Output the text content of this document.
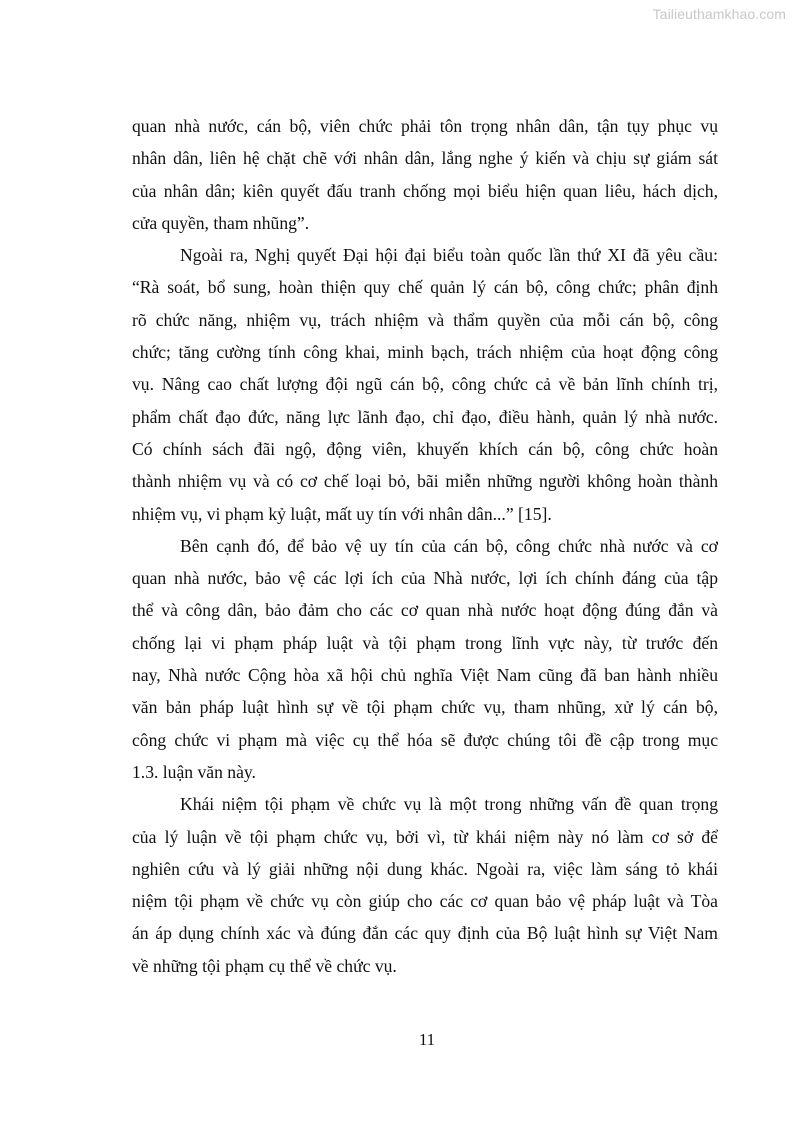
Tailieuthamkhao.com
quan nhà nước, cán bộ, viên chức phải tôn trọng nhân dân, tận tụy phục vụ
nhân dân, liên hệ chặt chẽ với nhân dân, lắng nghe ý kiến và chịu sự giám sát
của nhân dân; kiên quyết đấu tranh chống mọi biểu hiện quan liêu, hách dịch,
cửa quyền, tham nhũng”.
Ngoài ra, Nghị quyết Đại hội đại biểu toàn quốc lần thứ XI đã yêu cầu:
“Rà soát, bổ sung, hoàn thiện quy chế quản lý cán bộ, công chức; phân định
rõ chức năng, nhiệm vụ, trách nhiệm và thẩm quyền của mỗi cán bộ, công
chức; tăng cường tính công khai, minh bạch, trách nhiệm của hoạt động công
vụ. Nâng cao chất lượng đội ngũ cán bộ, công chức cả về bản lĩnh chính trị,
phẩm chất đạo đức, năng lực lãnh đạo, chỉ đạo, điều hành, quản lý nhà nước.
Có chính sách đãi ngộ, động viên, khuyến khích cán bộ, công chức hoàn
thành nhiệm vụ và có cơ chế loại bỏ, bãi miễn những người không hoàn thành
nhiệm vụ, vi phạm kỷ luật, mất uy tín với nhân dân...” [15].
Bên cạnh đó, để bảo vệ uy tín của cán bộ, công chức nhà nước và cơ
quan nhà nước, bảo vệ các lợi ích của Nhà nước, lợi ích chính đáng của tập
thể và công dân, bảo đảm cho các cơ quan nhà nước hoạt động đúng đắn và
chống lại vi phạm pháp luật và tội phạm trong lĩnh vực này, từ trước đến
nay, Nhà nước Cộng hòa xã hội chủ nghĩa Việt Nam cũng đã ban hành nhiều
văn bản pháp luật hình sự về tội phạm chức vụ, tham nhũng, xử lý cán bộ,
công chức vi phạm mà việc cụ thể hóa sẽ được chúng tôi đề cập trong mục
1.3. luận văn này.
Khái niệm tội phạm về chức vụ là một trong những vấn đề quan trọng
của lý luận về tội phạm chức vụ, bởi vì, từ khái niệm này nó làm cơ sở để
nghiên cứu và lý giải những nội dung khác. Ngoài ra, việc làm sáng tỏ khái
niệm tội phạm về chức vụ còn giúp cho các cơ quan bảo vệ pháp luật và Tòa
án áp dụng chính xác và đúng đắn các quy định của Bộ luật hình sự Việt Nam
về những tội phạm cụ thể về chức vụ.
11
